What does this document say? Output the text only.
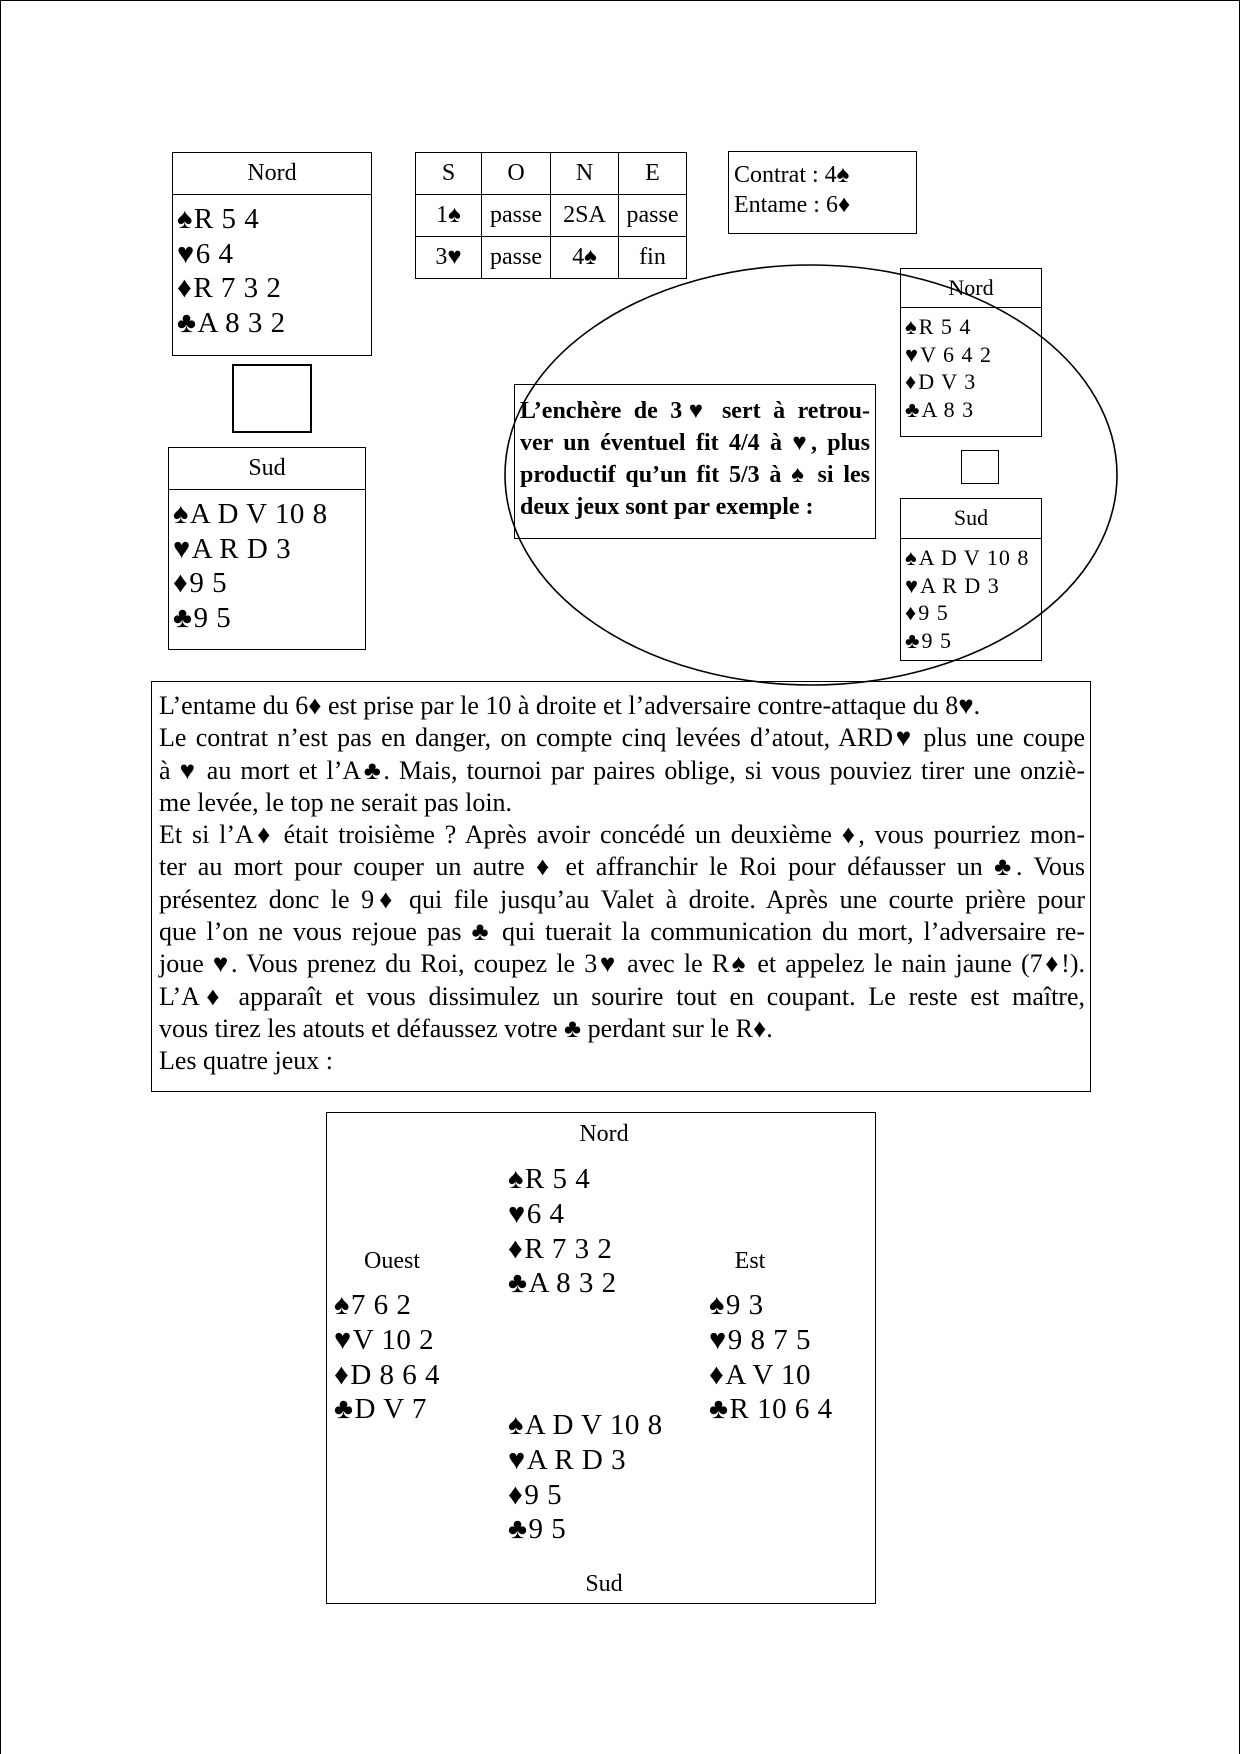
Nord
♠R 5 4
♥6 4
♦R 7 3 2
♣A 8 3 2
Sud
♠A D V 10 8
♥A R D 3
♦9 5
♣9 5
S	O	N	E
1♠	passe	2SA	passe
3♥	passe	4♠	fin
Contrat : 4♠
Entame : 6♦
Nord
♠R 5 4
♥V 6 4 2
♦D V 3
♣A 8 3
Sud
♠A D V 10 8
♥A R D 3
♦9 5
♣9 5
L’enchère de 3♥ sert à retrou-
ver un éventuel fit 4/4 à ♥, plus
productif qu’un fit 5/3 à ♠ si les
deux jeux sont par exemple :
L’entame du 6♦ est prise par le 10 à droite et l’adversaire contre-attaque du 8♥.
Le contrat n’est pas en danger, on compte cinq levées d’atout, ARD♥ plus une coupe
à ♥ au mort et l’A♣. Mais, tournoi par paires oblige, si vous pouviez tirer une onziè-
me levée, le top ne serait pas loin.
Et si l’A♦ était troisième ? Après avoir concédé un deuxième ♦, vous pourriez mon-
ter au mort pour couper un autre ♦ et affranchir le Roi pour défausser un ♣. Vous
présentez donc le 9♦ qui file jusqu’au Valet à droite. Après une courte prière pour
que l’on ne vous rejoue pas ♣ qui tuerait la communication du mort, l’adversaire re-
joue ♥. Vous prenez du Roi, coupez le 3♥ avec le R♠ et appelez le nain jaune (7♦!).
L’A♦ apparaît et vous dissimulez un sourire tout en coupant. Le reste est maître,
vous tirez les atouts et défaussez votre ♣ perdant sur le R♦.
Les quatre jeux :
Nord
♠R 5 4
♥6 4
♦R 7 3 2
♣A 8 3 2
Ouest
♠7 6 2
♥V 10 2
♦D 8 6 4
♣D V 7
Est
♠9 3
♥9 8 7 5
♦A V 10
♣R 10 6 4
♠A D V 10 8
♥A R D 3
♦9 5
♣9 5
Sud
